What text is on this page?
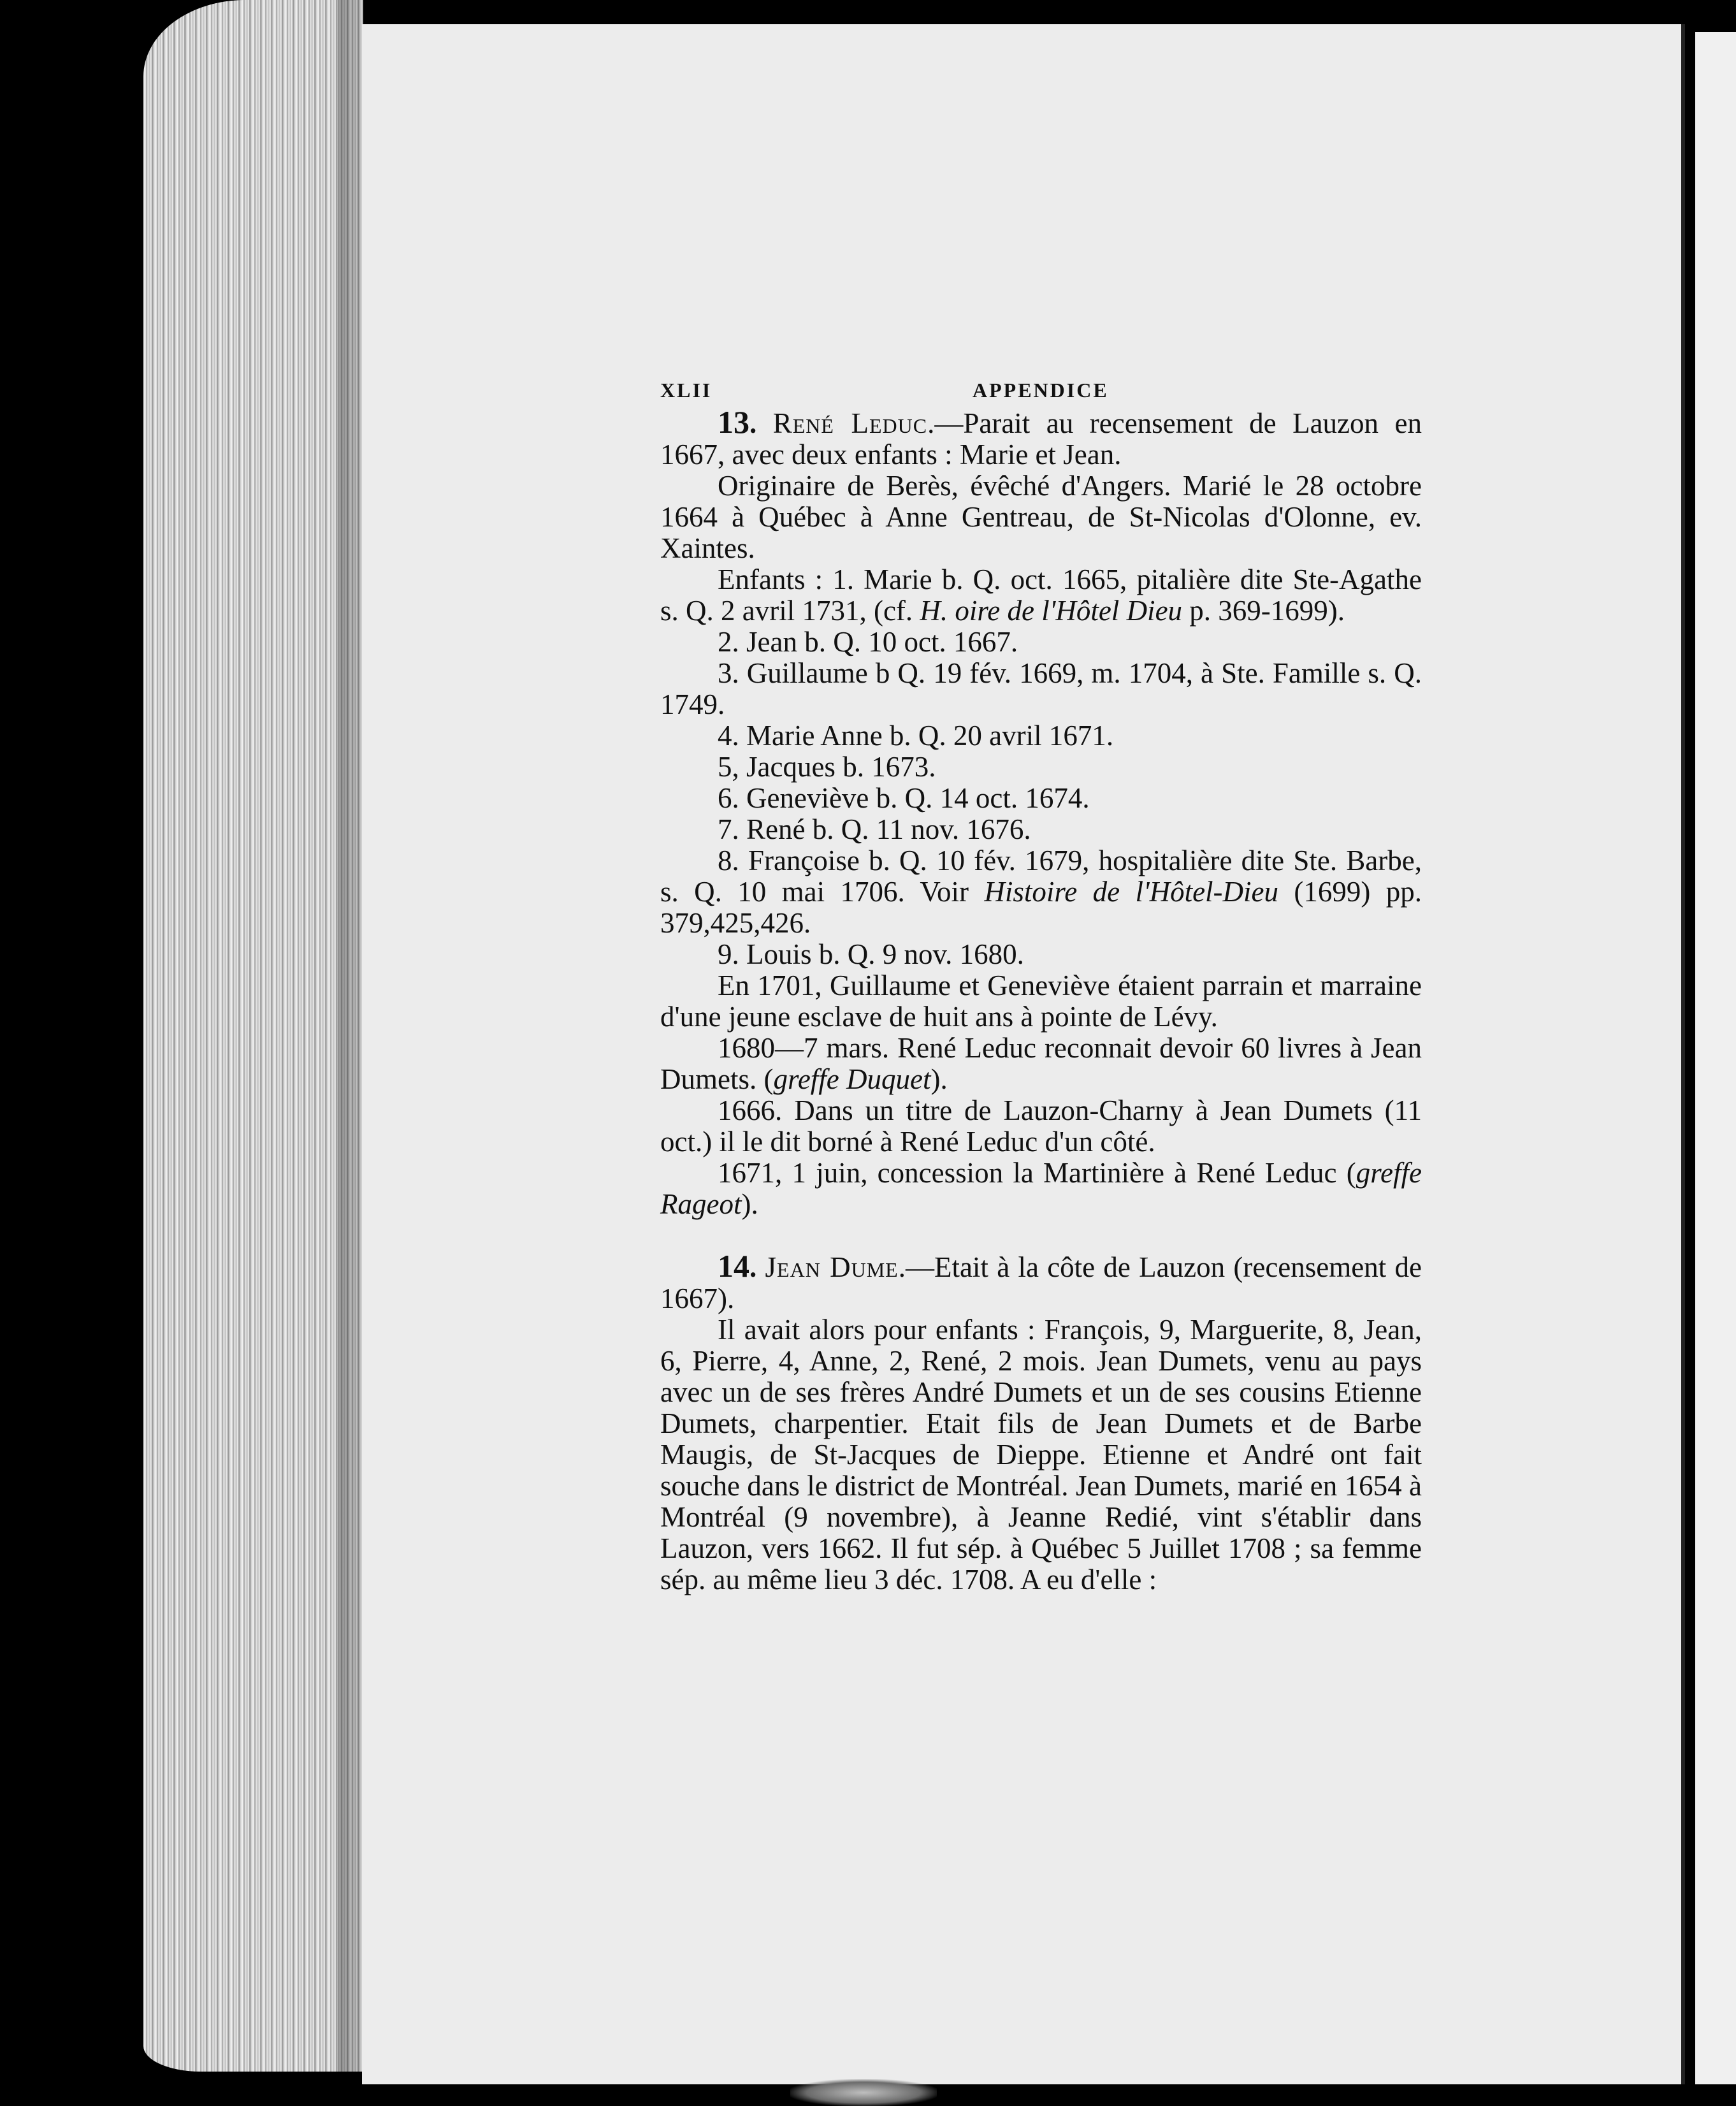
XLII	APPENDICE

13. René Leduc.—Parait au recensement de Lauzon en 1667, avec deux enfants : Marie et Jean.

Originaire de Berès, évêché d'Angers. Marié le 28 octobre 1664 à Québec à Anne Gentreau, de St-Nicolas d'Olonne, ev. Xaintes.

Enfants : 1. Marie b. Q. oct. 1665, pitalière dite Ste-Agathe s. Q. 2 avril 1731, (cf. H. oire de l'Hôtel Dieu p. 369-1699).

2. Jean b. Q. 10 oct. 1667.

3. Guillaume b Q. 19 fév. 1669, m. 1704, à Ste. Famille s. Q. 1749.

4. Marie Anne b. Q. 20 avril 1671.

5, Jacques b. 1673.

6. Geneviève b. Q. 14 oct. 1674.

7. René b. Q. 11 nov. 1676.

8. Françoise b. Q. 10 fév. 1679, hospitalière dite Ste. Barbe, s. Q. 10 mai 1706. Voir Histoire de l'Hôtel-Dieu (1699) pp. 379,425,426.

9. Louis b. Q. 9 nov. 1680.

En 1701, Guillaume et Geneviève étaient parrain et marraine d'une jeune esclave de huit ans à pointe de Lévy.

1680—7 mars. René Leduc reconnait devoir 60 livres à Jean Dumets. (greffe Duquet).

1666. Dans un titre de Lauzon-Charny à Jean Dumets (11 oct.) il le dit borné à René Leduc d'un côté.

1671, 1 juin, concession la Martinière à René Leduc (greffe Rageot).

14. Jean Dume.—Etait à la côte de Lauzon (recensement de 1667).

Il avait alors pour enfants : François, 9, Marguerite, 8, Jean, 6, Pierre, 4, Anne, 2, René, 2 mois. Jean Dumets, venu au pays avec un de ses frères André Dumets et un de ses cousins Etienne Dumets, charpentier. Etait fils de Jean Dumets et de Barbe Maugis, de St-Jacques de Dieppe. Etienne et André ont fait souche dans le district de Montréal. Jean Dumets, marié en 1654 à Montréal (9 novembre), à Jeanne Redié, vint s'établir dans Lauzon, vers 1662. Il fut sép. à Québec 5 Juillet 1708 ; sa femme sép. au même lieu 3 déc. 1708. A eu d'elle :
